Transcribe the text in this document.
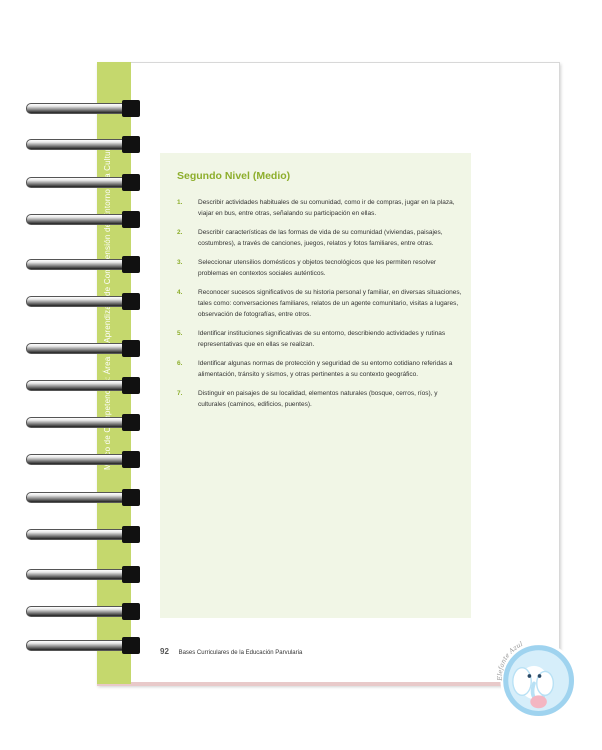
Segundo Nivel (Medio)
1.	Describir actividades habituales de su comunidad, como ir de compras, jugar en la plaza, viajar en bus, entre otras, señalando su participación en ellas.
2.	Describir características de las formas de vida de su comunidad (viviendas, paisajes, costumbres), a través de canciones, juegos, relatos y fotos familiares, entre otras.
3.	Seleccionar utensilios domésticos y objetos tecnológicos que les permiten resolver problemas en contextos sociales auténticos.
4.	Reconocer sucesos significativos de su historia personal y familiar, en diversas situaciones, tales como: conversaciones familiares, relatos de un agente comunitario, visitas a lugares, observación de fotografías, entre otros.
5.	Identificar instituciones significativas de su entorno, describiendo actividades y rutinas representativas que en ellas se realizan.
6.	Identificar algunas normas de protección y seguridad de su entorno cotidiano referidas a alimentación, tránsito y sismos, y otras pertinentes a su contexto geográfico.
7.	Distinguir en paisajes de su localidad, elementos naturales (bosque, cerros, ríos), y culturales (caminos, edificios, puentes).
92 Bases Curriculares de la Educación Parvularia
Elefante Azul
